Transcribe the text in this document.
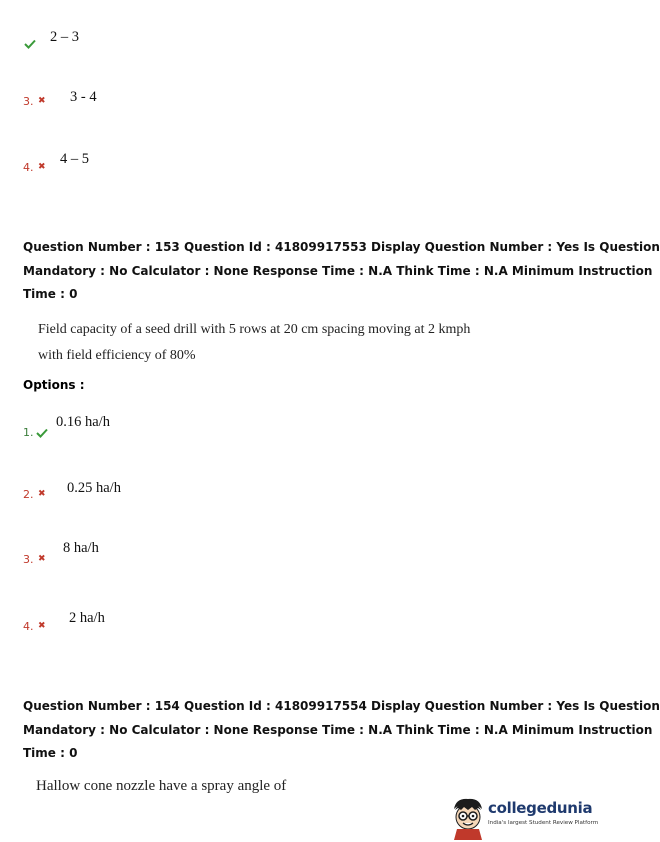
2 – 3
3. ✖ 3 - 4
4. ✖ 4 – 5
Question Number : 153 Question Id : 41809917553 Display Question Number : Yes Is Question
Mandatory : No Calculator : None Response Time : N.A Think Time : N.A Minimum Instruction
Time : 0
Field capacity of a seed drill with 5 rows at 20 cm spacing moving at 2 kmph
with field efficiency of 80%
Options :
1.
0.16 ha/h
2. ✖ 0.25 ha/h
3. ✖
8 ha/h
4. ✖ 2 ha/h
Question Number : 154 Question Id : 41809917554 Display Question Number : Yes Is Question
Mandatory : No Calculator : None Response Time : N.A Think Time : N.A Minimum Instruction
Time : 0
Hallow cone nozzle have a spray angle of
collegedunia
India's largest Student Review Platform
